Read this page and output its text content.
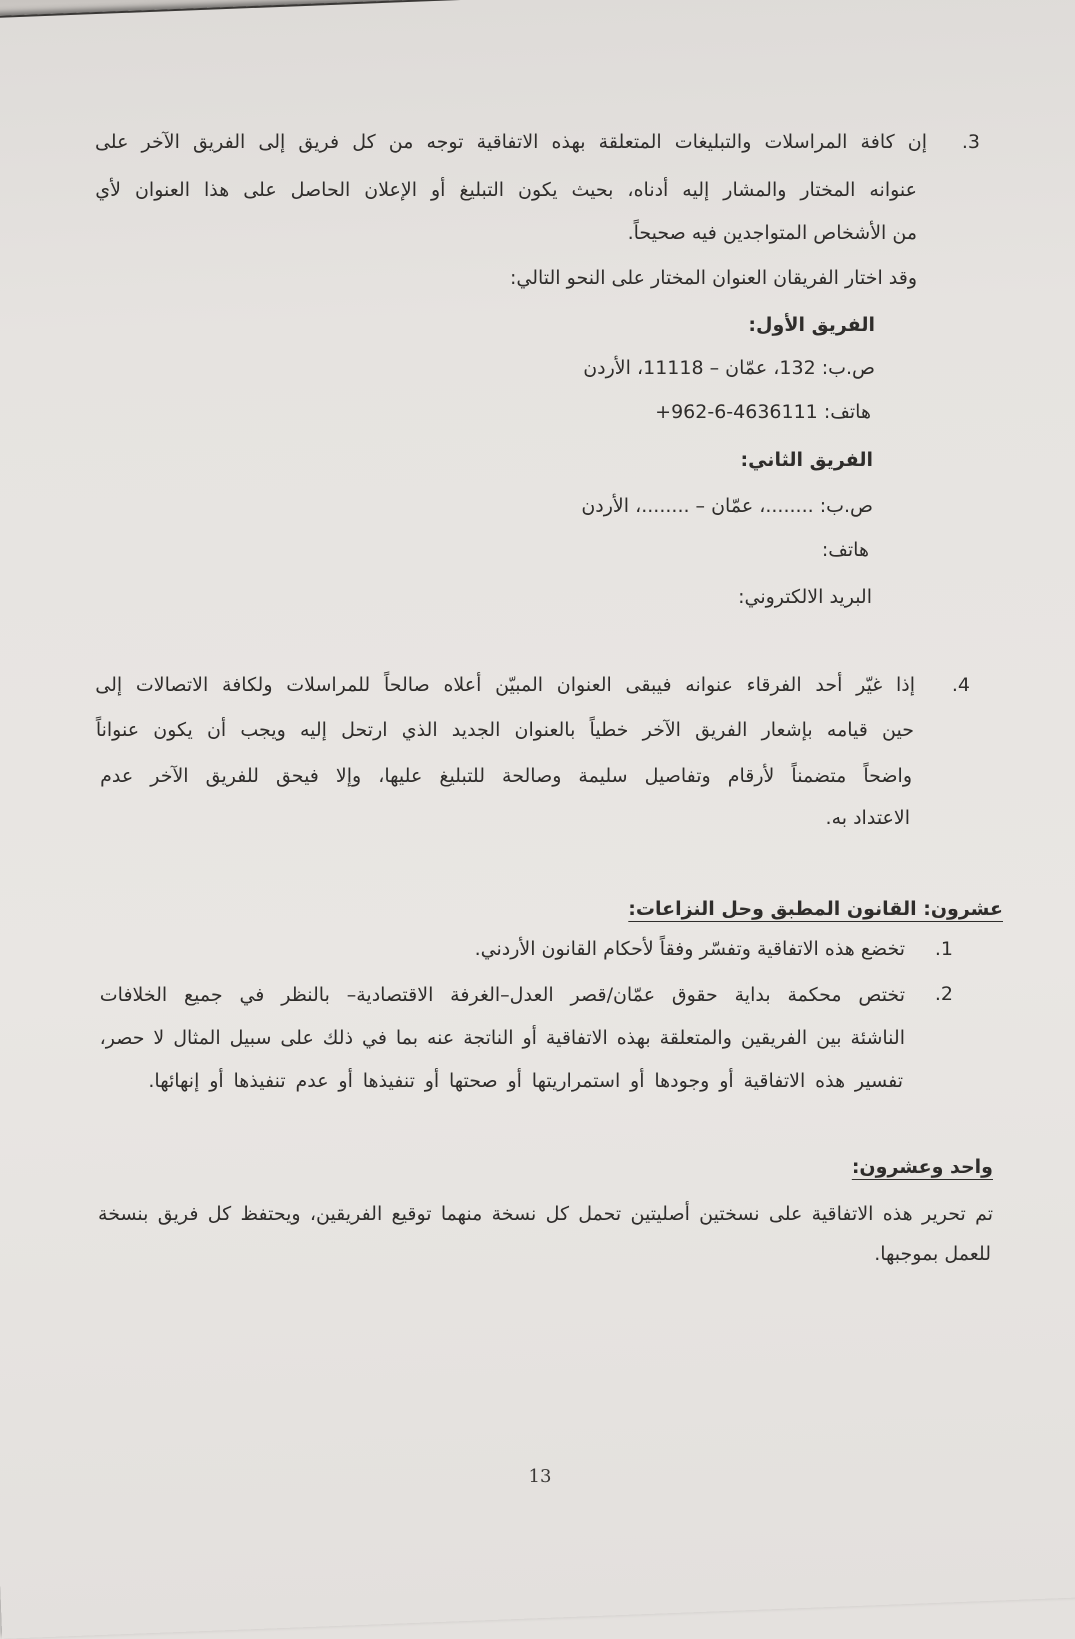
3.
إن كافة المراسلات والتبليغات المتعلقة بهذه الاتفاقية توجه من كل فريق إلى الفريق الآخر على
عنوانه المختار والمشار إليه أدناه، بحيث يكون التبليغ أو الإعلان الحاصل على هذا العنوان لأي
من الأشخاص المتواجدين فيه صحيحاً.
وقد اختار الفريقان العنوان المختار على النحو التالي:
الفريق الأول:
ص.ب: 132، عمّان – 11118، الأردن
هاتف: 4636111-6-962+
الفريق الثاني:
ص.ب: ........، عمّان – ........، الأردن
هاتف:
البريد الالكتروني:
4.
إذا غيّر أحد الفرقاء عنوانه فيبقى العنوان المبيّن أعلاه صالحاً للمراسلات ولكافة الاتصالات إلى
حين قيامه بإشعار الفريق الآخر خطياً بالعنوان الجديد الذي ارتحل إليه ويجب أن يكون عنواناً
واضحاً متضمناً لأرقام وتفاصيل سليمة وصالحة للتبليغ عليها، وإلا فيحق للفريق الآخر عدم
الاعتداد به.
عشرون: القانون المطبق وحل النزاعات:
1.
تخضع هذه الاتفاقية وتفسّر وفقاً لأحكام القانون الأردني.
2.
تختص محكمة بداية حقوق عمّان/قصر العدل–الغرفة الاقتصادية– بالنظر في جميع الخلافات
الناشئة بين الفريقين والمتعلقة بهذه الاتفاقية أو الناتجة عنه بما في ذلك على سبيل المثال لا حصر،
تفسير هذه الاتفاقية أو وجودها أو استمراريتها أو صحتها أو تنفيذها أو عدم تنفيذها أو إنهائها.
واحد وعشرون:
تم تحرير هذه الاتفاقية على نسختين أصليتين تحمل كل نسخة منهما توقيع الفريقين، ويحتفظ كل فريق بنسخة
للعمل بموجبها.
13
